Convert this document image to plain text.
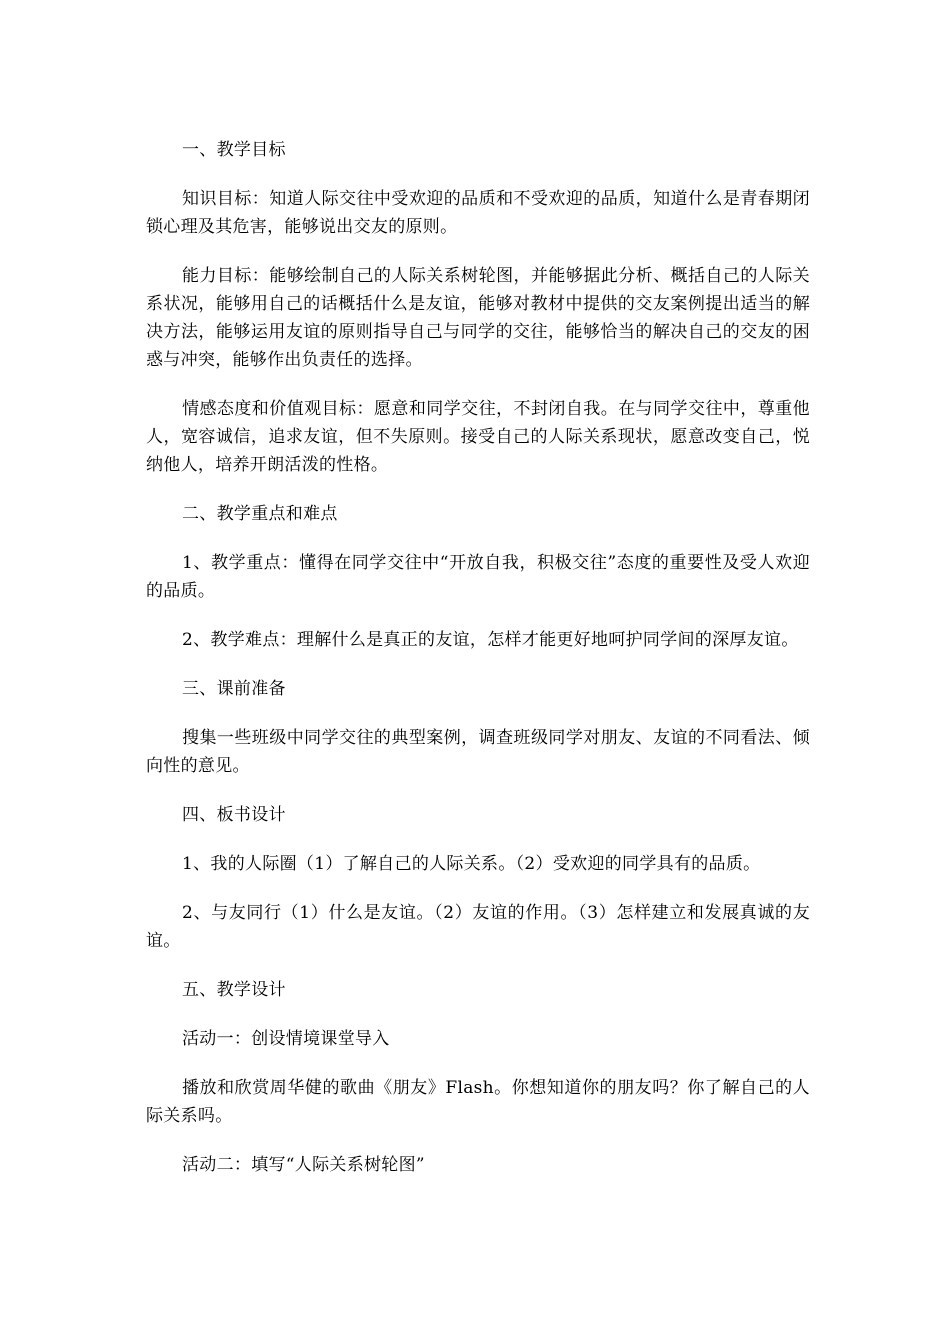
一、教学目标

知识目标：知道人际交往中受欢迎的品质和不受欢迎的品质，知道什么是青春期闭锁心理及其危害，能够说出交友的原则。

能力目标：能够绘制自己的人际关系树轮图，并能够据此分析、概括自己的人际关系状况，能够用自己的话概括什么是友谊，能够对教材中提供的交友案例提出适当的解决方法，能够运用友谊的原则指导自己与同学的交往，能够恰当的解决自己的交友的困惑与冲突，能够作出负责任的选择。

情感态度和价值观目标：愿意和同学交往，不封闭自我。在与同学交往中，尊重他人，宽容诚信，追求友谊，但不失原则。接受自己的人际关系现状，愿意改变自己，悦纳他人，培养开朗活泼的性格。

二、教学重点和难点

1、教学重点：懂得在同学交往中“开放自我，积极交往”态度的重要性及受人欢迎的品质。

2、教学难点：理解什么是真正的友谊，怎样才能更好地呵护同学间的深厚友谊。

三、课前准备

搜集一些班级中同学交往的典型案例，调查班级同学对朋友、友谊的不同看法、倾向性的意见。

四、板书设计

1、我的人际圈（1）了解自己的人际关系。（2）受欢迎的同学具有的品质。

2、与友同行（1）什么是友谊。（2）友谊的作用。（3）怎样建立和发展真诚的友谊。

五、教学设计

活动一：创设情境课堂导入

播放和欣赏周华健的歌曲《朋友》Flash。你想知道你的朋友吗？你了解自己的人际关系吗。

活动二：填写“人际关系树轮图”
